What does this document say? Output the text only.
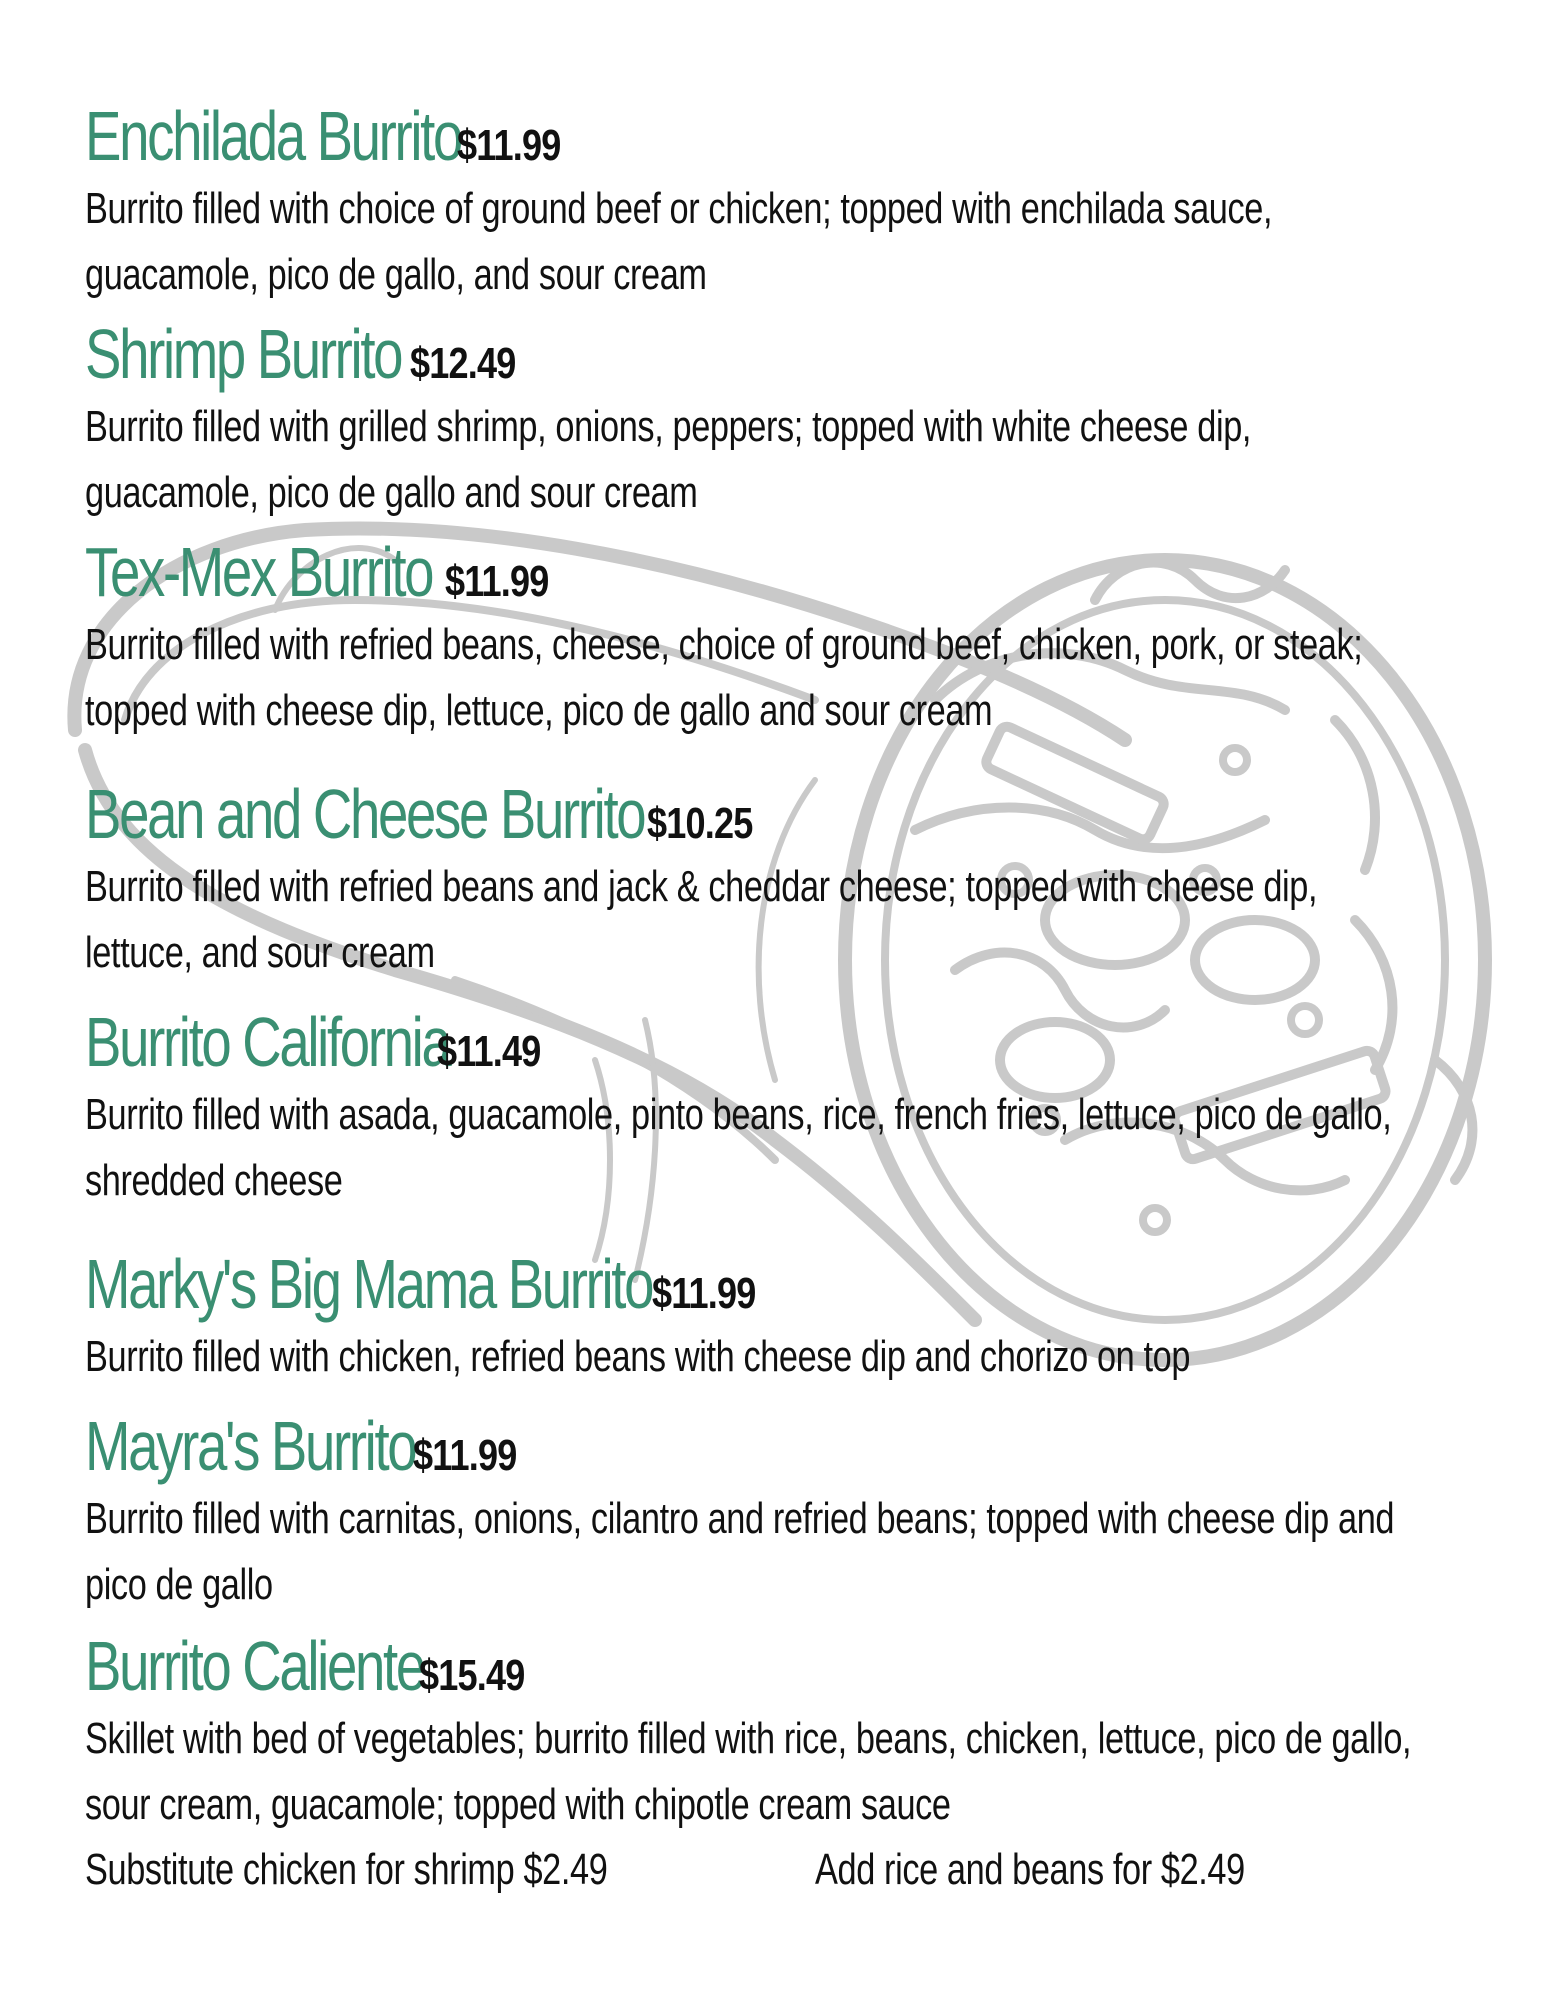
Enchilada Burrito$11.99
Burrito filled with choice of ground beef or chicken; topped with enchilada sauce, guacamole, pico de gallo, and sour cream
Shrimp Burrito $12.49
Burrito filled with grilled shrimp, onions, peppers; topped with white cheese dip, guacamole, pico de gallo and sour cream
Tex-Mex Burrito $11.99
Burrito filled with refried beans, cheese, choice of ground beef, chicken, pork, or steak; topped with cheese dip, lettuce, pico de gallo and sour cream
Bean and Cheese Burrito$10.25
Burrito filled with refried beans and jack & cheddar cheese; topped with cheese dip, lettuce, and sour cream
Burrito California$11.49
Burrito filled with asada, guacamole, pinto beans, rice, french fries, lettuce, pico de gallo, shredded cheese
Marky's Big Mama Burrito$11.99
Burrito filled with chicken, refried beans with cheese dip and chorizo on top
Mayra's Burrito$11.99
Burrito filled with carnitas, onions, cilantro and refried beans; topped with cheese dip and pico de gallo
Burrito Caliente$15.49
Skillet with bed of vegetables; burrito filled with rice, beans, chicken, lettuce, pico de gallo, sour cream, guacamole; topped with chipotle cream sauce
Substitute chicken for shrimp $2.49	Add rice and beans for $2.49
